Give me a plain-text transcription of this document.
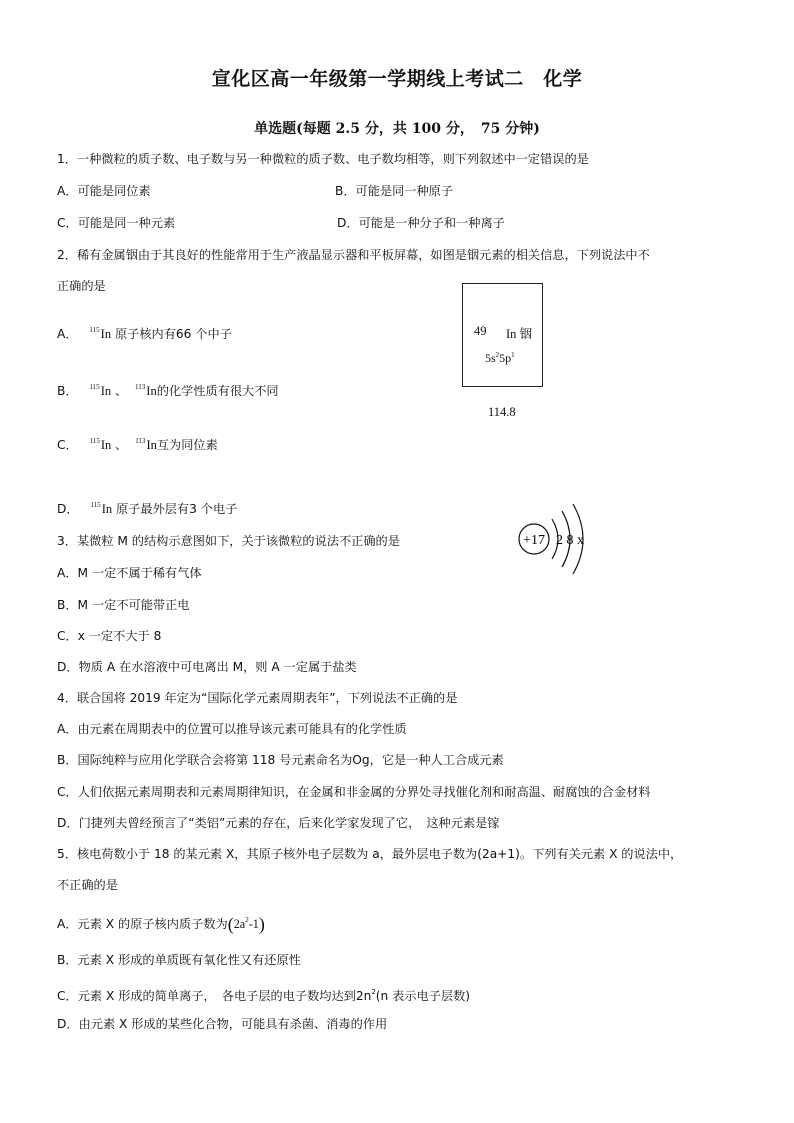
宣化区高一年级第一学期线上考试二　化学
单选题(每题 2.5 分，共 100 分，　75 分钟)
1．一种微粒的质子数、电子数与另一种微粒的质子数、电子数均相等，则下列叙述中一定错误的是
A．可能是同位素	B．可能是同一种原子
C．可能是同一种元素	D．可能是一种分子和一种离子
2．稀有金属铟由于其良好的性能常用于生产液晶显示器和平板屏幕，如图是铟元素的相关信息，下列说法中不
正确的是
A． $^{115}$In 原子核内有66 个中子
B． $^{115}$In 、 $^{113}$In的化学性质有很大不同
C． $^{115}$In 、 $^{113}$In互为同位素
D． $^{115}$In 原子最外层有3 个电子
49 In 铟
$5s^25p^1$
114.8
3．某微粒 M 的结构示意图如下，关于该微粒的说法不正确的是	+17 2 8 x
A．M 一定不属于稀有气体
B．M 一定不可能带正电
C．x 一定不大于 8
D．物质 A 在水溶液中可电离出 M，则 A 一定属于盐类
4．联合国将 2019 年定为“国际化学元素周期表年”，下列说法不正确的是
A．由元素在周期表中的位置可以推导该元素可能具有的化学性质
B．国际纯粹与应用化学联合会将第 118 号元素命名为Og，它是一种人工合成元素
C．人们依据元素周期表和元素周期律知识，在金属和非金属的分界处寻找催化剂和耐高温、耐腐蚀的合金材料
D．门捷列夫曾经预言了“类铝”元素的存在，后来化学家发现了它，　这种元素是镓
5．核电荷数小于 18 的某元素 X，其原子核外电子层数为 a，最外层电子数为(2a+1)。下列有关元素 X 的说法中，
不正确的是
A．元素 X 的原子核内质子数为$(2a^2-1)$
B．元素 X 形成的单质既有氧化性又有还原性
C．元素 X 形成的简单离子，　各电子层的电子数均达到$2n^2(n$ 表示电子层数)
D．由元素 X 形成的某些化合物，可能具有杀菌、消毒的作用
